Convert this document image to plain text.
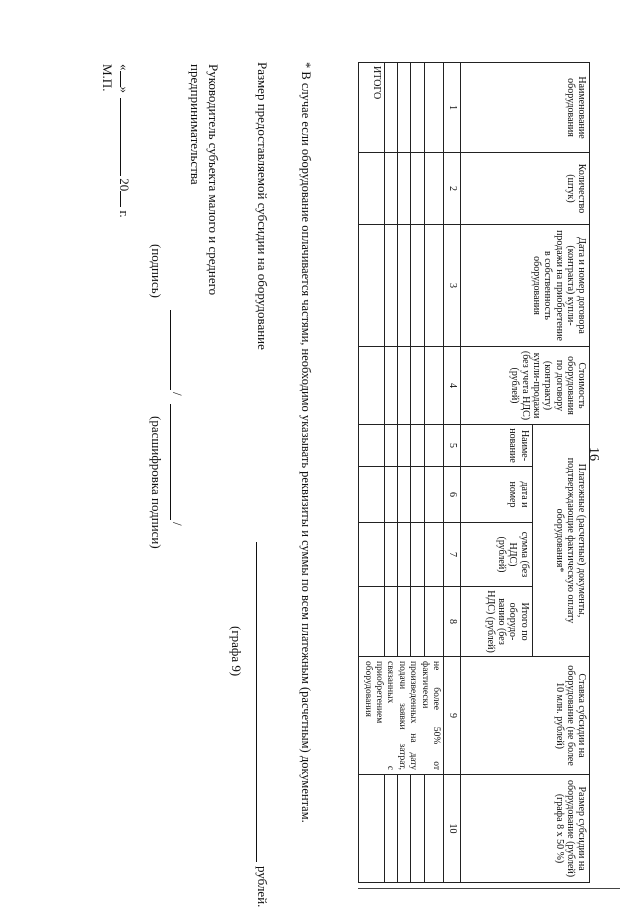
16
Наименование оборудования	Количество (штук)	Дата и номер договора (контракта) купли-продажи на приобретение в собственность оборудования	Стоимость оборудования по договору (контракту) купли-продажи (без учета НДС) (рублей)	Платежные (расчетные) документы, подтверждающие фактическую оплату оборудования*				Ставка субсидии на оборудование (не более 10 млн. рублей)	Размер субсидии на оборудование (рублей) (графа 8 х 50 %)
				Наиме-нование	дата и номер	сумма (без НДС) (рублей)	Итого по оборудо-ванию (без НДС) (рублей)		
1	2	3	4	5	6	7	8	9	10
								не более 50% от фактически произведенных на дату подачи заявки затрат, связанных с приобретением оборудования	

ИТОГО									
* В случае если оборудование оплачивается частями, необходимо указывать реквизиты и суммы по всем платежным (расчетным) документам.
Размер предоставляемой субсидии на оборудование
рублей.
(графа 9)
Руководитель субъекта малого и среднего
предпринимательства
/
/
(подпись)
(расшифровка подписи)
«» 20 г.
М.П.
